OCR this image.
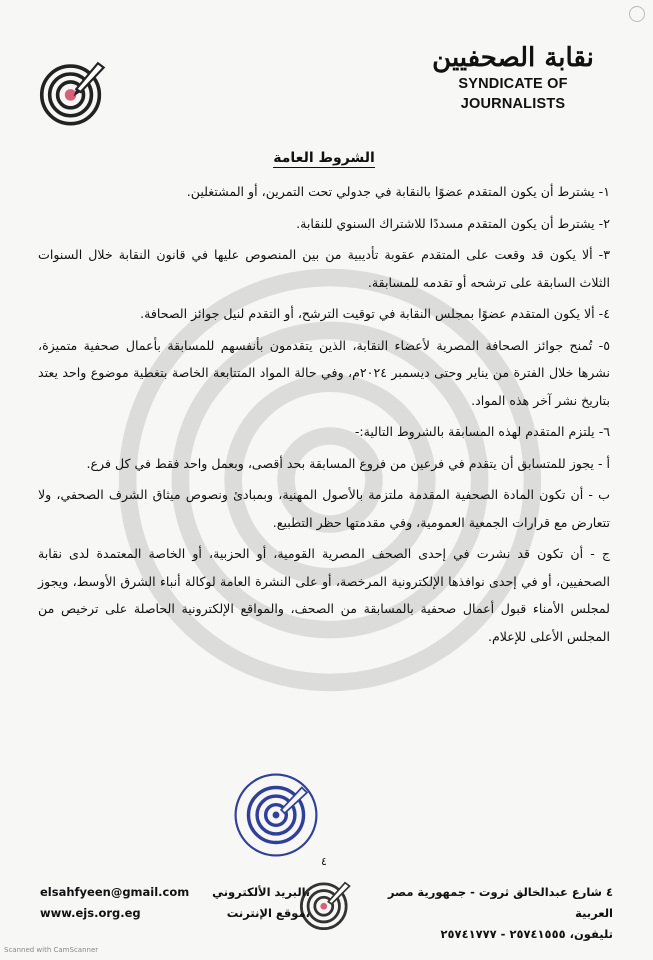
نقابة الصحفيين
SYNDICATE OF JOURNALISTS
الشروط العامة

١- يشترط أن يكون المتقدم عضوًا بالنقابة في جدولي تحت التمرين، أو المشتغلين.

٢- يشترط أن يكون المتقدم مسددًا للاشتراك السنوي للنقابة.

٣- ألا يكون قد وقعت على المتقدم عقوبة تأديبية من بين المنصوص عليها في قانون النقابة خلال السنوات الثلاث السابقة على ترشحه أو تقدمه للمسابقة.

٤- ألا يكون المتقدم عضوًا بمجلس النقابة في توقيت الترشح، أو التقدم لنيل جوائز الصحافة.

٥- تُمنح جوائز الصحافة المصرية لأعضاء النقابة، الذين يتقدمون بأنفسهم للمسابقة بأعمال صحفية متميزة، نشرها خلال الفترة من يناير وحتى ديسمبر ٢٠٢٤م، وفي حالة المواد المتتابعة الخاصة بتغطية موضوع واحد يعتد بتاريخ نشر آخر هذه المواد.

٦- يلتزم المتقدم لهذه المسابقة بالشروط التالية:-

أ - يجوز للمتسابق أن يتقدم في فرعين من فروع المسابقة بحد أقصى، وبعمل واحد فقط في كل فرع.

ب - أن تكون المادة الصحفية المقدمة ملتزمة بالأصول المهنية، وبمبادئ ونصوص ميثاق الشرف الصحفي، ولا تتعارض مع قرارات الجمعية العمومية، وفي مقدمتها حظر التطبيع.

ج - أن تكون قد نشرت في إحدى الصحف المصرية القومية، أو الحزبية، أو الخاصة المعتمدة لدى نقابة الصحفيين، أو في إحدى نوافذها الإلكترونية المرخصة، أو على النشرة العامة لوكالة أنباء الشرق الأوسط، ويجوز لمجلس الأمناء قبول أعمال صحفية بالمسابقة من الصحف، والمواقع الإلكترونية الحاصلة على ترخيص من المجلس الأعلى للإعلام.

٤
٤ شارع عبدالخالق ثروت - جمهورية مصر العربية
تليفون، ٢٥٧٤١٥٥٥ - ٢٥٧٤١٧٧٧
elsahfyeen@gmail.com البريد الألكتروني،
www.ejs.org.eg	موقع الإنترنت،
Scanned with CamScanner
